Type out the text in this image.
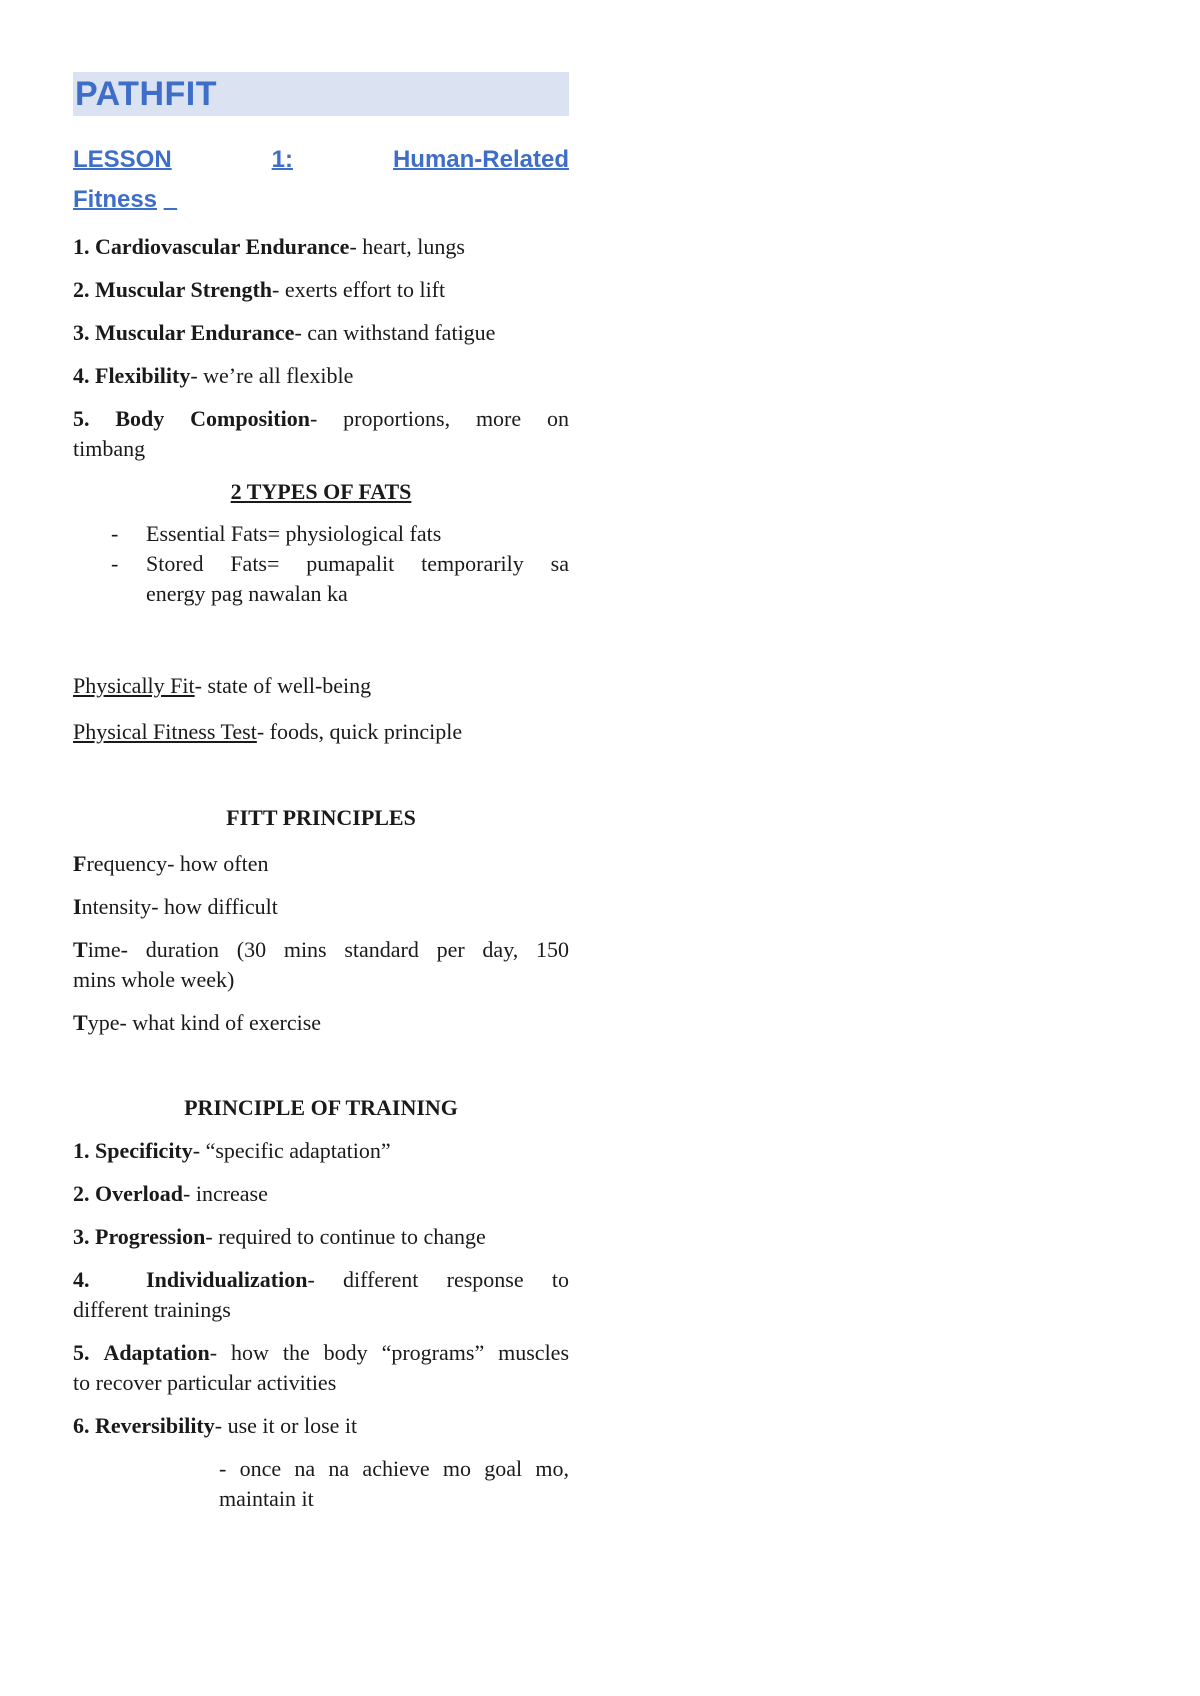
PATHFIT
LESSON	1:	Human-Related
Fitness _

1. Cardiovascular Endurance- heart, lungs

2. Muscular Strength- exerts effort to lift

3. Muscular Endurance- can withstand fatigue

4. Flexibility- we’re all flexible

5. Body Composition- proportions, more on

timbang

2 TYPES OF FATS

-	Essential Fats= physiological fats
-	Stored Fats= pumapalit temporarily sa
energy pag nawalan ka

Physically Fit- state of well-being

Physical Fitness Test- foods, quick principle

FITT PRINCIPLES

Frequency- how often

Intensity- how difficult

Time- duration (30 mins standard per day, 150

mins whole week)

Type- what kind of exercise

PRINCIPLE OF TRAINING

1. Specificity- “specific adaptation”

2. Overload- increase

3. Progression- required to continue to change

4.	Individualization- different response to

different trainings

5. Adaptation- how the body “programs” muscles

to recover particular activities

6. Reversibility- use it or lose it

- once na na achieve mo goal mo,

maintain it
